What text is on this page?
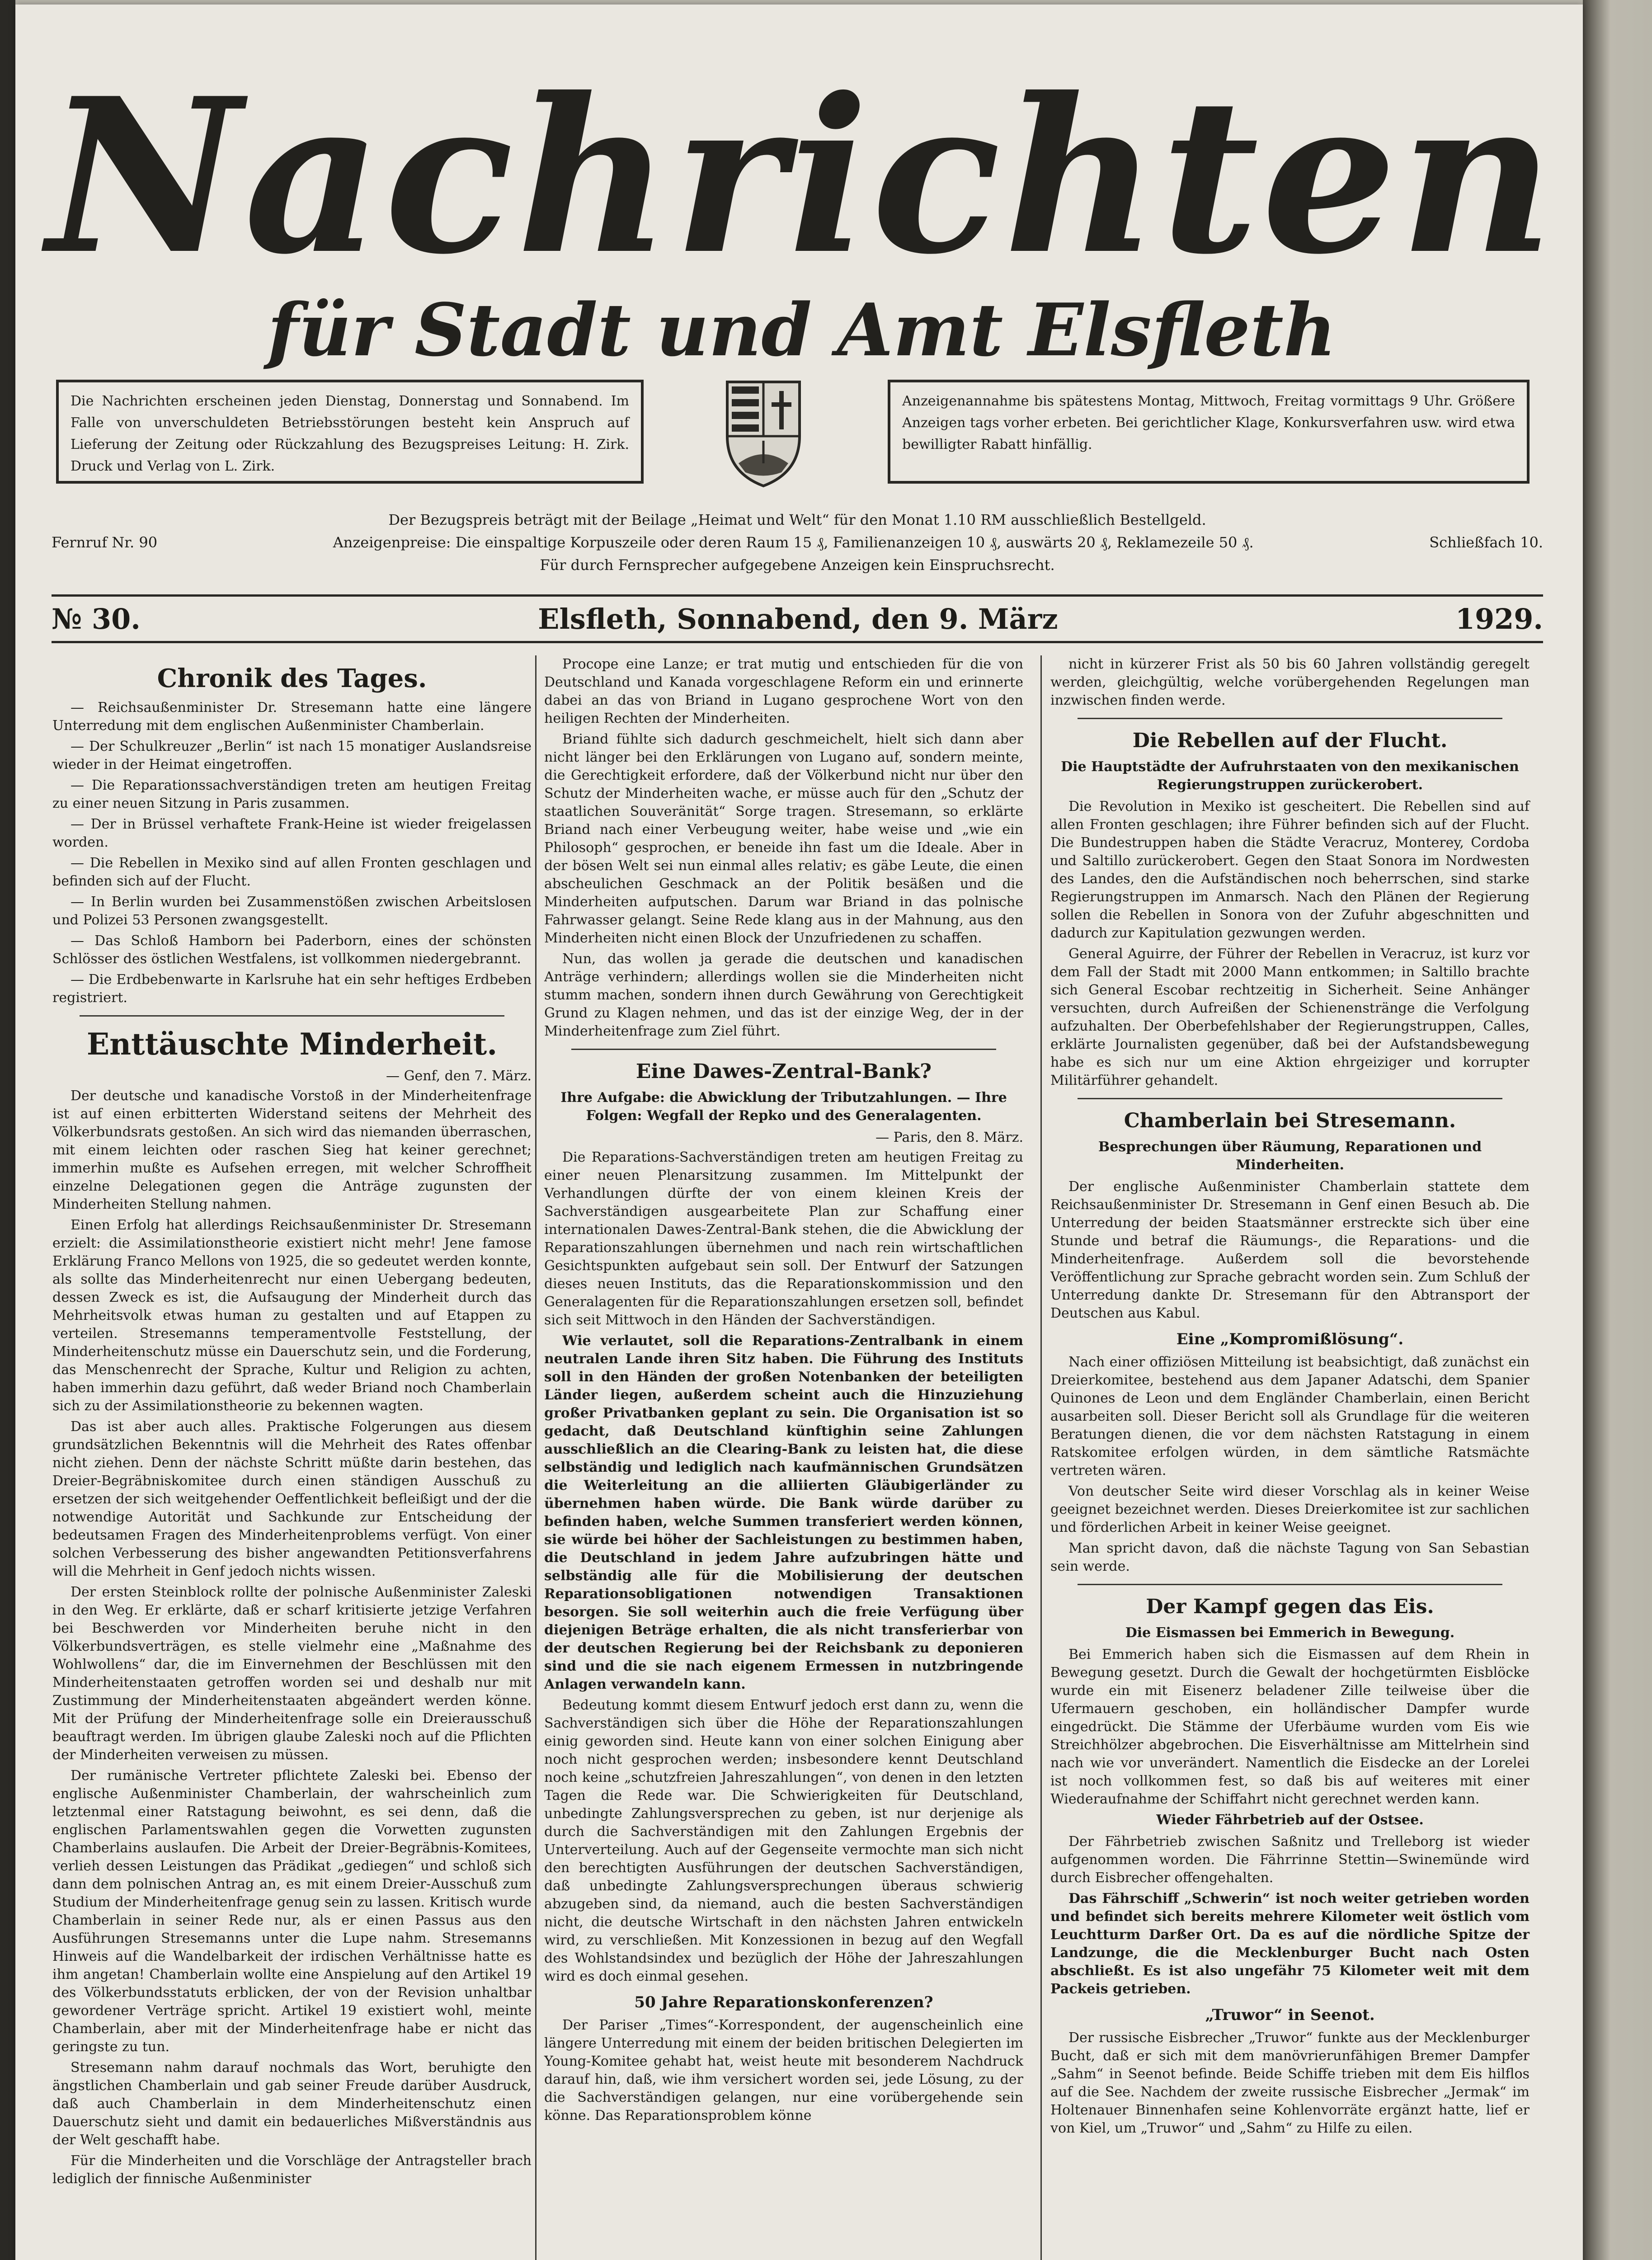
Nachrichten
für Stadt und Amt Elsfleth
Die Nachrichten erscheinen jeden Dienstag, Donnerstag und Sonnabend. Im Falle von unverschuldeten Betriebsstörungen besteht kein Anspruch auf Lieferung der Zeitung oder Rückzahlung des Bezugspreises Leitung: H. Zirk. Druck und Verlag von L. Zirk.
Anzeigenannahme bis spätestens Montag, Mittwoch, Freitag vormittags 9 Uhr. Größere Anzeigen tags vorher erbeten. Bei gerichtlicher Klage, Konkursverfahren usw. wird etwa bewilligter Rabatt hinfällig.
Der Bezugspreis beträgt mit der Beilage „Heimat und Welt“ für den Monat 1.10 RM ausschließlich Bestellgeld.
Fernruf Nr. 90	Anzeigenpreise: Die einspaltige Korpuszeile oder deren Raum 15 ₰, Familienanzeigen 10 ₰, auswärts 20 ₰, Reklamezeile 50 ₰.	Schließfach 10.
Für durch Fernsprecher aufgegebene Anzeigen kein Einspruchsrecht.
№ 30.	Elsfleth, Sonnabend, den 9. März	1929.
Chronik des Tages.

— Reichsaußenminister Dr. Stresemann hatte eine längere Unterredung mit dem englischen Außenminister Chamberlain.

— Der Schulkreuzer „Berlin“ ist nach 15 monatiger Auslandsreise wieder in der Heimat eingetroffen.

— Die Reparationssachverständigen treten am heutigen Freitag zu einer neuen Sitzung in Paris zusammen.

— Der in Brüssel verhaftete Frank-Heine ist wieder freigelassen worden.

— Die Rebellen in Mexiko sind auf allen Fronten geschlagen und befinden sich auf der Flucht.

— In Berlin wurden bei Zusammenstößen zwischen Arbeitslosen und Polizei 53 Personen zwangsgestellt.

— Das Schloß Hamborn bei Paderborn, eines der schönsten Schlösser des östlichen Westfalens, ist vollkommen niedergebrannt.

— Die Erdbebenwarte in Karlsruhe hat ein sehr heftiges Erdbeben registriert.

Enttäuschte Minderheit.
— Genf, den 7. März.

Der deutsche und kanadische Vorstoß in der Minderheitenfrage ist auf einen erbitterten Widerstand seitens der Mehrheit des Völkerbundsrats gestoßen. An sich wird das niemanden überraschen, mit einem leichten oder raschen Sieg hat keiner gerechnet; immerhin mußte es Aufsehen erregen, mit welcher Schroffheit einzelne Delegationen gegen die Anträge zugunsten der Minderheiten Stellung nahmen.

Einen Erfolg hat allerdings Reichsaußenminister Dr. Stresemann erzielt: die Assimilationstheorie existiert nicht mehr! Jene famose Erklärung Franco Mellons von 1925, die so gedeutet werden konnte, als sollte das Minderheitenrecht nur einen Uebergang bedeuten, dessen Zweck es ist, die Aufsaugung der Minderheit durch das Mehrheitsvolk etwas human zu gestalten und auf Etappen zu verteilen. Stresemanns temperamentvolle Feststellung, der Minderheitenschutz müsse ein Dauerschutz sein, und die Forderung, das Menschenrecht der Sprache, Kultur und Religion zu achten, haben immerhin dazu geführt, daß weder Briand noch Chamberlain sich zu der Assimilationstheorie zu bekennen wagten.

Das ist aber auch alles. Praktische Folgerungen aus diesem grundsätzlichen Bekenntnis will die Mehrheit des Rates offenbar nicht ziehen. Denn der nächste Schritt müßte darin bestehen, das Dreier-Begräbniskomitee durch einen ständigen Ausschuß zu ersetzen der sich weitgehender Oeffentlichkeit befleißigt und der die notwendige Autorität und Sachkunde zur Entscheidung der bedeutsamen Fragen des Minderheitenproblems verfügt. Von einer solchen Verbesserung des bisher angewandten Petitionsverfahrens will die Mehrheit in Genf jedoch nichts wissen.

Der ersten Steinblock rollte der polnische Außenminister Zaleski in den Weg. Er erklärte, daß er scharf kritisierte jetzige Verfahren bei Beschwerden vor Minderheiten beruhe nicht in den Völkerbundsverträgen, es stelle vielmehr eine „Maßnahme des Wohlwollens“ dar, die im Einvernehmen der Beschlüssen mit den Minderheitenstaaten getroffen worden sei und deshalb nur mit Zustimmung der Minderheitenstaaten abgeändert werden könne. Mit der Prüfung der Minderheitenfrage solle ein Dreierausschuß beauftragt werden. Im übrigen glaube Zaleski noch auf die Pflichten der Minderheiten verweisen zu müssen.

Der rumänische Vertreter pflichtete Zaleski bei. Ebenso der englische Außenminister Chamberlain, der wahrscheinlich zum letztenmal einer Ratstagung beiwohnt, es sei denn, daß die englischen Parlamentswahlen gegen die Vorwetten zugunsten Chamberlains auslaufen. Die Arbeit der Dreier-Begräbnis-Komitees, verlieh dessen Leistungen das Prädikat „gediegen“ und schloß sich dann dem polnischen Antrag an, es mit einem Dreier-Ausschuß zum Studium der Minderheitenfrage genug sein zu lassen. Kritisch wurde Chamberlain in seiner Rede nur, als er einen Passus aus den Ausführungen Stresemanns unter die Lupe nahm. Stresemanns Hinweis auf die Wandelbarkeit der irdischen Verhältnisse hatte es ihm angetan! Chamberlain wollte eine Anspielung auf den Artikel 19 des Völkerbundsstatuts erblicken, der von der Revision unhaltbar gewordener Verträge spricht. Artikel 19 existiert wohl, meinte Chamberlain, aber mit der Minderheitenfrage habe er nicht das geringste zu tun.

Stresemann nahm darauf nochmals das Wort, beruhigte den ängstlichen Chamberlain und gab seiner Freude darüber Ausdruck, daß auch Chamberlain in dem Minderheitenschutz einen Dauerschutz sieht und damit ein bedauerliches Mißverständnis aus der Welt geschafft habe.

Für die Minderheiten und die Vorschläge der Antragsteller brach lediglich der finnische Außenminister

Procope eine Lanze; er trat mutig und entschieden für die von Deutschland und Kanada vorgeschlagene Reform ein und erinnerte dabei an das von Briand in Lugano gesprochene Wort von den heiligen Rechten der Minderheiten.

Briand fühlte sich dadurch geschmeichelt, hielt sich dann aber nicht länger bei den Erklärungen von Lugano auf, sondern meinte, die Gerechtigkeit erfordere, daß der Völkerbund nicht nur über den Schutz der Minderheiten wache, er müsse auch für den „Schutz der staatlichen Souveränität“ Sorge tragen. Stresemann, so erklärte Briand nach einer Verbeugung weiter, habe weise und „wie ein Philosoph“ gesprochen, er beneide ihn fast um die Ideale. Aber in der bösen Welt sei nun einmal alles relativ; es gäbe Leute, die einen abscheulichen Geschmack an der Politik besäßen und die Minderheiten aufputschen. Darum war Briand in das polnische Fahrwasser gelangt. Seine Rede klang aus in der Mahnung, aus den Minderheiten nicht einen Block der Unzufriedenen zu schaffen.

Nun, das wollen ja gerade die deutschen und kanadischen Anträge verhindern; allerdings wollen sie die Minderheiten nicht stumm machen, sondern ihnen durch Gewährung von Gerechtigkeit Grund zu Klagen nehmen, und das ist der einzige Weg, der in der Minderheitenfrage zum Ziel führt.

Eine Dawes-Zentral-Bank?
Ihre Aufgabe: die Abwicklung der Tributzahlungen. — Ihre Folgen: Wegfall der Repko und des Generalagenten.
— Paris, den 8. März.

Die Reparations-Sachverständigen treten am heutigen Freitag zu einer neuen Plenarsitzung zusammen. Im Mittelpunkt der Verhandlungen dürfte der von einem kleinen Kreis der Sachverständigen ausgearbeitete Plan zur Schaffung einer internationalen Dawes-Zentral-Bank stehen, die die Abwicklung der Reparationszahlungen übernehmen und nach rein wirtschaftlichen Gesichtspunkten aufgebaut sein soll. Der Entwurf der Satzungen dieses neuen Instituts, das die Reparationskommission und den Generalagenten für die Reparationszahlungen ersetzen soll, befindet sich seit Mittwoch in den Händen der Sachverständigen.

Wie verlautet, soll die Reparations-Zentralbank in einem neutralen Lande ihren Sitz haben. Die Führung des Instituts soll in den Händen der großen Notenbanken der beteiligten Länder liegen, außerdem scheint auch die Hinzuziehung großer Privatbanken geplant zu sein. Die Organisation ist so gedacht, daß Deutschland künftighin seine Zahlungen ausschließlich an die Clearing-Bank zu leisten hat, die diese selbständig und lediglich nach kaufmännischen Grundsätzen die Weiterleitung an die alliierten Gläubigerländer zu übernehmen haben würde. Die Bank würde darüber zu befinden haben, welche Summen transferiert werden können, sie würde bei höher der Sachleistungen zu bestimmen haben, die Deutschland in jedem Jahre aufzubringen hätte und selbständig alle für die Mobilisierung der deutschen Reparationsobligationen notwendigen Transaktionen besorgen. Sie soll weiterhin auch die freie Verfügung über diejenigen Beträge erhalten, die als nicht transferierbar von der deutschen Regierung bei der Reichsbank zu deponieren sind und die sie nach eigenem Ermessen in nutzbringende Anlagen verwandeln kann.

Bedeutung kommt diesem Entwurf jedoch erst dann zu, wenn die Sachverständigen sich über die Höhe der Reparationszahlungen einig geworden sind. Heute kann von einer solchen Einigung aber noch nicht gesprochen werden; insbesondere kennt Deutschland noch keine „schutzfreien Jahreszahlungen“, von denen in den letzten Tagen die Rede war. Die Schwierigkeiten für Deutschland, unbedingte Zahlungsversprechen zu geben, ist nur derjenige als durch die Sachverständigen mit den Zahlungen Ergebnis der Unterverteilung. Auch auf der Gegenseite vermochte man sich nicht den berechtigten Ausführungen der deutschen Sachverständigen, daß unbedingte Zahlungsversprechungen überaus schwierig abzugeben sind, da niemand, auch die besten Sachverständigen nicht, die deutsche Wirtschaft in den nächsten Jahren entwickeln wird, zu verschließen. Mit Konzessionen in bezug auf den Wegfall des Wohlstandsindex und bezüglich der Höhe der Jahreszahlungen wird es doch einmal gesehen.

50 Jahre Reparationskonferenzen?

Der Pariser „Times“-Korrespondent, der augenscheinlich eine längere Unterredung mit einem der beiden britischen Delegierten im Young-Komitee gehabt hat, weist heute mit besonderem Nachdruck darauf hin, daß, wie ihm versichert worden sei, jede Lösung, zu der die Sachverständigen gelangen, nur eine vorübergehende sein könne. Das Reparationsproblem könne

nicht in kürzerer Frist als 50 bis 60 Jahren vollständig geregelt werden, gleichgültig, welche vorübergehenden Regelungen man inzwischen finden werde.

Die Rebellen auf der Flucht.
Die Hauptstädte der Aufruhrstaaten von den mexikanischen Regierungstruppen zurückerobert.

Die Revolution in Mexiko ist gescheitert. Die Rebellen sind auf allen Fronten geschlagen; ihre Führer befinden sich auf der Flucht. Die Bundestruppen haben die Städte Veracruz, Monterey, Cordoba und Saltillo zurückerobert. Gegen den Staat Sonora im Nordwesten des Landes, den die Aufständischen noch beherrschen, sind starke Regierungstruppen im Anmarsch. Nach den Plänen der Regierung sollen die Rebellen in Sonora von der Zufuhr abgeschnitten und dadurch zur Kapitulation gezwungen werden.

General Aguirre, der Führer der Rebellen in Veracruz, ist kurz vor dem Fall der Stadt mit 2000 Mann entkommen; in Saltillo brachte sich General Escobar rechtzeitig in Sicherheit. Seine Anhänger versuchten, durch Aufreißen der Schienenstränge die Verfolgung aufzuhalten. Der Oberbefehlshaber der Regierungstruppen, Calles, erklärte Journalisten gegenüber, daß bei der Aufstandsbewegung habe es sich nur um eine Aktion ehrgeiziger und korrupter Militärführer gehandelt.

Chamberlain bei Stresemann.
Besprechungen über Räumung, Reparationen und Minderheiten.

Der englische Außenminister Chamberlain stattete dem Reichsaußenminister Dr. Stresemann in Genf einen Besuch ab. Die Unterredung der beiden Staatsmänner erstreckte sich über eine Stunde und betraf die Räumungs-, die Reparations- und die Minderheitenfrage. Außerdem soll die bevorstehende Veröffentlichung zur Sprache gebracht worden sein. Zum Schluß der Unterredung dankte Dr. Stresemann für den Abtransport der Deutschen aus Kabul.

Eine „Kompromißlösung“.

Nach einer offiziösen Mitteilung ist beabsichtigt, daß zunächst ein Dreierkomitee, bestehend aus dem Japaner Adatschi, dem Spanier Quinones de Leon und dem Engländer Chamberlain, einen Bericht ausarbeiten soll. Dieser Bericht soll als Grundlage für die weiteren Beratungen dienen, die vor dem nächsten Ratstagung in einem Ratskomitee erfolgen würden, in dem sämtliche Ratsmächte vertreten wären.

Von deutscher Seite wird dieser Vorschlag als in keiner Weise geeignet bezeichnet werden. Dieses Dreierkomitee ist zur sachlichen und förderlichen Arbeit in keiner Weise geeignet.

Man spricht davon, daß die nächste Tagung von San Sebastian sein werde.

Der Kampf gegen das Eis.
Die Eismassen bei Emmerich in Bewegung.

Bei Emmerich haben sich die Eismassen auf dem Rhein in Bewegung gesetzt. Durch die Gewalt der hochgetürmten Eisblöcke wurde ein mit Eisenerz beladener Zille teilweise über die Ufermauern geschoben, ein holländischer Dampfer wurde eingedrückt. Die Stämme der Uferbäume wurden vom Eis wie Streichhölzer abgebrochen. Die Eisverhältnisse am Mittelrhein sind nach wie vor unverändert. Namentlich die Eisdecke an der Lorelei ist noch vollkommen fest, so daß bis auf weiteres mit einer Wiederaufnahme der Schiffahrt nicht gerechnet werden kann.

Wieder Fährbetrieb auf der Ostsee.

Der Fährbetrieb zwischen Saßnitz und Trelleborg ist wieder aufgenommen worden. Die Fährrinne Stettin—Swinemünde wird durch Eisbrecher offengehalten.

Das Fährschiff „Schwerin“ ist noch weiter getrieben worden und befindet sich bereits mehrere Kilometer weit östlich vom Leuchtturm Darßer Ort. Da es auf die nördliche Spitze der Landzunge, die die Mecklenburger Bucht nach Osten abschließt. Es ist also ungefähr 75 Kilometer weit mit dem Packeis getrieben.

„Truwor“ in Seenot.

Der russische Eisbrecher „Truwor“ funkte aus der Mecklenburger Bucht, daß er sich mit dem manövrierunfähigen Bremer Dampfer „Sahm“ in Seenot befinde. Beide Schiffe trieben mit dem Eis hilflos auf die See. Nachdem der zweite russische Eisbrecher „Jermak“ im Holtenauer Binnenhafen seine Kohlenvorräte ergänzt hatte, lief er von Kiel, um „Truwor“ und „Sahm“ zu Hilfe zu eilen.
